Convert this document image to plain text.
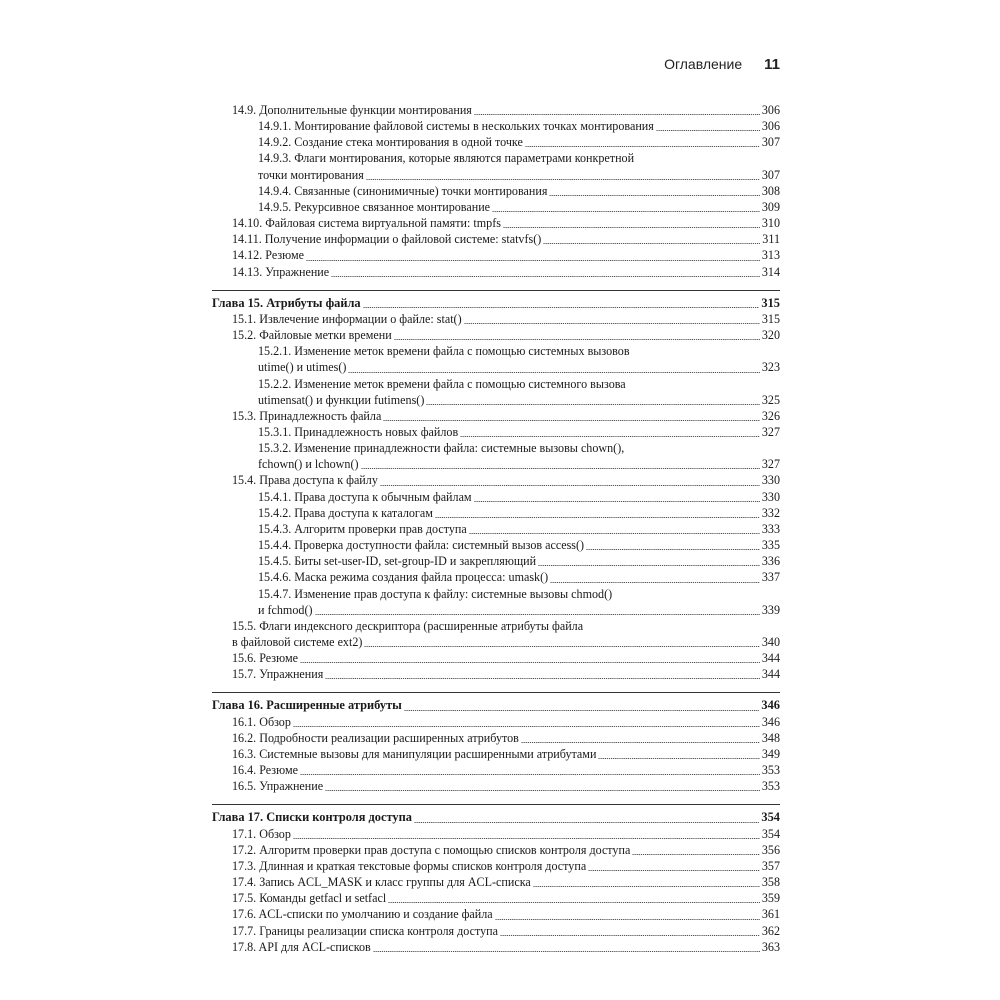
Оглавление 11
14.9. Дополнительные функции монтирования	306
14.9.1. Монтирование файловой системы в нескольких точках монтирования	306
14.9.2. Создание стека монтирования в одной точке	307
14.9.3. Флаги монтирования, которые являются параметрами конкретной
точки монтирования	307
14.9.4. Связанные (синонимичные) точки монтирования	308
14.9.5. Рекурсивное связанное монтирование	309
14.10. Файловая система виртуальной памяти: tmpfs	310
14.11. Получение информации о файловой системе: statvfs()	311
14.12. Резюме	313
14.13. Упражнение	314
Глава 15. Атрибуты файла	315
15.1. Извлечение информации о файле: stat()	315
15.2. Файловые метки времени	320
15.2.1. Изменение меток времени файла с помощью системных вызовов
utime() и utimes()	323
15.2.2. Изменение меток времени файла с помощью системного вызова
utimensat() и функции futimens()	325
15.3. Принадлежность файла	326
15.3.1. Принадлежность новых файлов	327
15.3.2. Изменение принадлежности файла: системные вызовы chown(),
fchown() и lchown()	327
15.4. Права доступа к файлу	330
15.4.1. Права доступа к обычным файлам	330
15.4.2. Права доступа к каталогам	332
15.4.3. Алгоритм проверки прав доступа	333
15.4.4. Проверка доступности файла: системный вызов access()	335
15.4.5. Биты set-user-ID, set-group-ID и закрепляющий	336
15.4.6. Маска режима создания файла процесса: umask()	337
15.4.7. Изменение прав доступа к файлу: системные вызовы chmod()
и fchmod()	339
15.5. Флаги индексного дескриптора (расширенные атрибуты файла
в файловой системе ext2)	340
15.6. Резюме	344
15.7. Упражнения	344
Глава 16. Расширенные атрибуты	346
16.1. Обзор	346
16.2. Подробности реализации расширенных атрибутов	348
16.3. Системные вызовы для манипуляции расширенными атрибутами	349
16.4. Резюме	353
16.5. Упражнение	353
Глава 17. Списки контроля доступа	354
17.1. Обзор	354
17.2. Алгоритм проверки прав доступа с помощью списков контроля доступа	356
17.3. Длинная и краткая текстовые формы списков контроля доступа	357
17.4. Запись ACL_MASK и класс группы для ACL-списка	358
17.5. Команды getfacl и setfacl	359
17.6. ACL-списки по умолчанию и создание файла	361
17.7. Границы реализации списка контроля доступа	362
17.8. API для ACL-списков	363
